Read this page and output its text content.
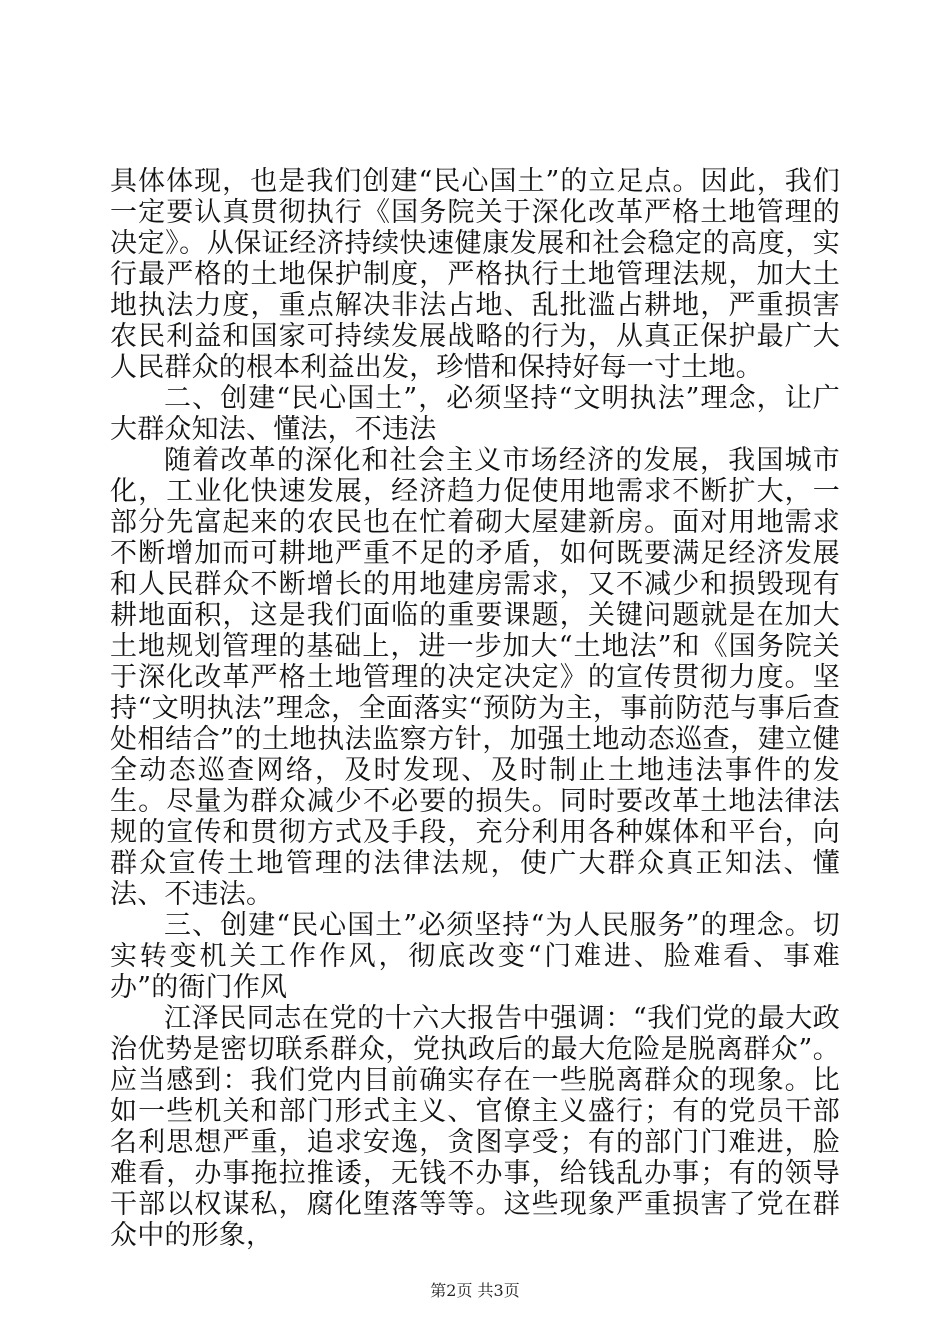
具体体现，也是我们创建“民心国土”的立足点。因此，我们一定要认真贯彻执行《国务院关于深化改革严格土地管理的决定》。从保证经济持续快速健康发展和社会稳定的高度，实行最严格的土地保护制度，严格执行土地管理法规，加大土地执法力度，重点解决非法占地、乱批滥占耕地，严重损害农民利益和国家可持续发展战略的行为，从真正保护最广大人民群众的根本利益出发，珍惜和保持好每一寸土地。

二、创建“民心国土”，必须坚持“文明执法”理念，让广大群众知法、懂法，不违法

随着改革的深化和社会主义市场经济的发展，我国城市化，工业化快速发展，经济趋力促使用地需求不断扩大，一部分先富起来的农民也在忙着砌大屋建新房。面对用地需求不断增加而可耕地严重不足的矛盾，如何既要满足经济发展和人民群众不断增长的用地建房需求，又不减少和损毁现有耕地面积，这是我们面临的重要课题，关键问题就是在加大土地规划管理的基础上，进一步加大“土地法”和《国务院关于深化改革严格土地管理的决定决定》的宣传贯彻力度。坚持“文明执法”理念，全面落实“预防为主，事前防范与事后查处相结合”的土地执法监察方针，加强土地动态巡查，建立健全动态巡查网络，及时发现、及时制止土地违法事件的发生。尽量为群众减少不必要的损失。同时要改革土地法律法规的宣传和贯彻方式及手段，充分利用各种媒体和平台，向群众宣传土地管理的法律法规，使广大群众真正知法、懂法、不违法。

三、创建“民心国土”必须坚持“为人民服务”的理念。切实转变机关工作作风，彻底改变“门难进、脸难看、事难办”的衙门作风

江泽民同志在党的十六大报告中强调：“我们党的最大政治优势是密切联系群众，党执政后的最大危险是脱离群众”。应当感到：我们党内目前确实存在一些脱离群众的现象。比如一些机关和部门形式主义、官僚主义盛行；有的党员干部名利思想严重，追求安逸，贪图享受；有的部门门难进，脸难看，办事拖拉推诿，无钱不办事，给钱乱办事；有的领导干部以权谋私，腐化堕落等等。这些现象严重损害了党在群众中的形象，

第2页 共3页
